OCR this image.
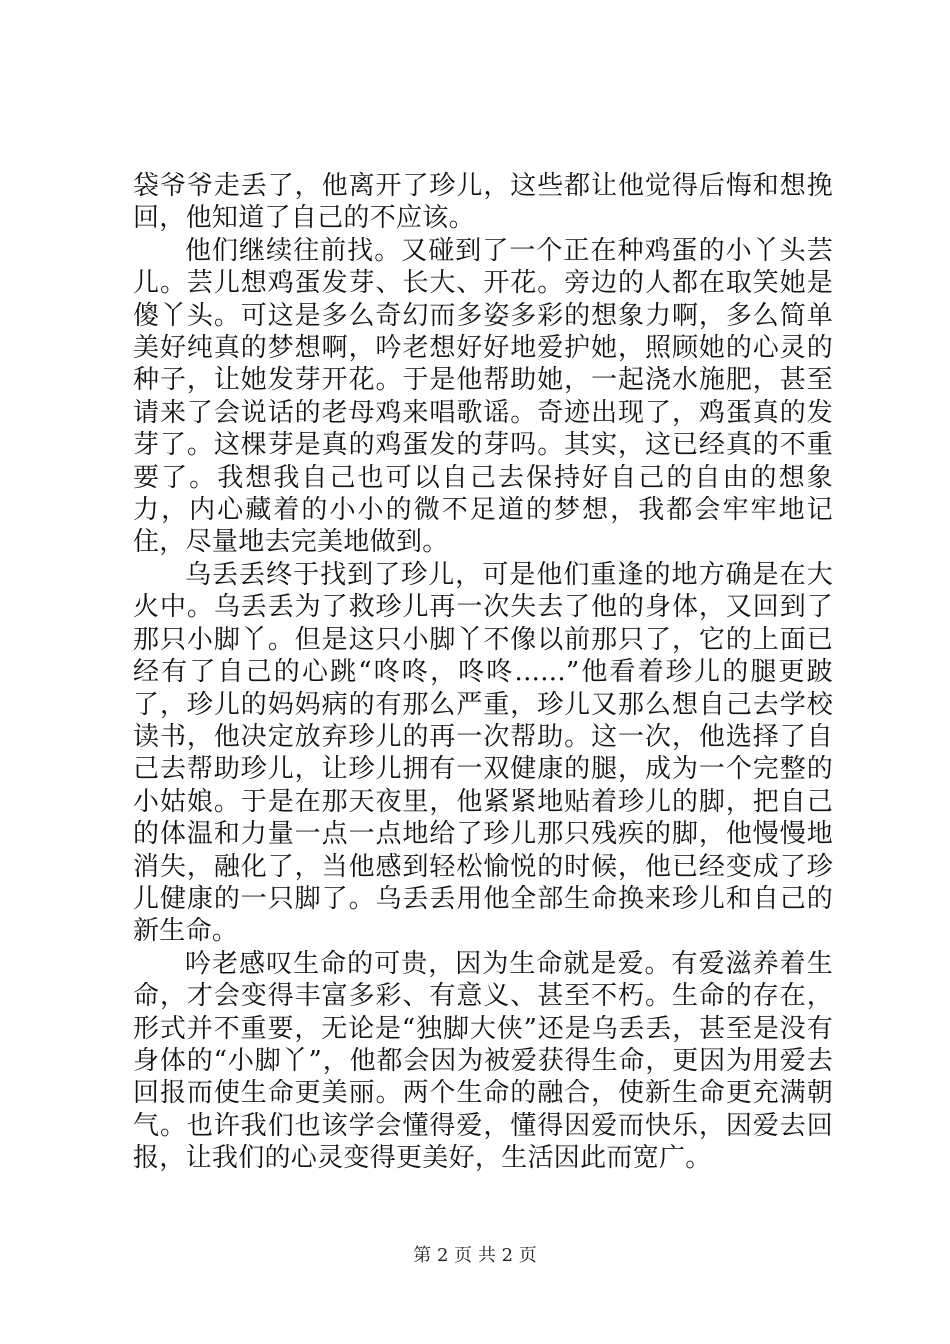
袋爷爷走丢了，他离开了珍儿，这些都让他觉得后悔和想挽回，他知道了自己的不应该。

他们继续往前找。又碰到了一个正在种鸡蛋的小丫头芸儿。芸儿想鸡蛋发芽、长大、开花。旁边的人都在取笑她是傻丫头。可这是多么奇幻而多姿多彩的想象力啊，多么简单美好纯真的梦想啊，吟老想好好地爱护她，照顾她的心灵的种子，让她发芽开花。于是他帮助她，一起浇水施肥，甚至请来了会说话的老母鸡来唱歌谣。奇迹出现了，鸡蛋真的发芽了。这棵芽是真的鸡蛋发的芽吗。其实，这已经真的不重要了。我想我自己也可以自己去保持好自己的自由的想象力，内心藏着的小小的微不足道的梦想，我都会牢牢地记住，尽量地去完美地做到。

乌丢丢终于找到了珍儿，可是他们重逢的地方确是在大火中。乌丢丢为了救珍儿再一次失去了他的身体，又回到了那只小脚丫。但是这只小脚丫不像以前那只了，它的上面已经有了自己的心跳“咚咚，咚咚......”他看着珍儿的腿更跛了，珍儿的妈妈病的有那么严重，珍儿又那么想自己去学校读书，他决定放弃珍儿的再一次帮助。这一次，他选择了自己去帮助珍儿，让珍儿拥有一双健康的腿，成为一个完整的小姑娘。于是在那天夜里，他紧紧地贴着珍儿的脚，把自己的体温和力量一点一点地给了珍儿那只残疾的脚，他慢慢地消失，融化了，当他感到轻松愉悦的时候，他已经变成了珍儿健康的一只脚了。乌丢丢用他全部生命换来珍儿和自己的新生命。

吟老感叹生命的可贵，因为生命就是爱。有爱滋养着生命，才会变得丰富多彩、有意义、甚至不朽。生命的存在，形式并不重要，无论是“独脚大侠”还是乌丢丢，甚至是没有身体的“小脚丫”，他都会因为被爱获得生命，更因为用爱去回报而使生命更美丽。两个生命的融合，使新生命更充满朝气。也许我们也该学会懂得爱，懂得因爱而快乐，因爱去回报，让我们的心灵变得更美好，生活因此而宽广。

第 2 页 共 2 页
